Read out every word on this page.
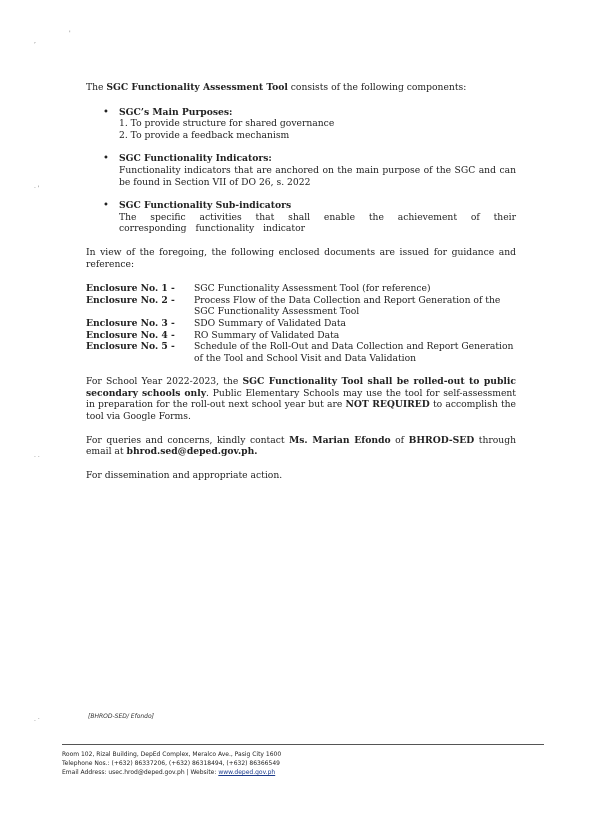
,
'
· '
· ·
. ·

The SGC Functionality Assessment Tool consists of the following components:

• SGC’s Main Purposes:
1. To provide structure for shared governance
2. To provide a feedback mechanism
• SGC Functionality Indicators:

Functionality indicators that are anchored on the main purpose of the SGC and can be found in Section VII of DO 26, s. 2022

• SGC Functionality Sub-indicators

The specific activities that shall enable the achievement of their corresponding functionality indicator

In view of the foregoing, the following enclosed documents are issued for guidance and reference:

Enclosure No. 1 -	SGC Functionality Assessment Tool (for reference)
Enclosure No. 2 -	Process Flow of the Data Collection and Report Generation of the SGC Functionality Assessment Tool
Enclosure No. 3 -	SDO Summary of Validated Data
Enclosure No. 4 -	RO Summary of Validated Data
Enclosure No. 5 -	Schedule of the Roll-Out and Data Collection and Report Generation of the Tool and School Visit and Data Validation

For School Year 2022-2023, the SGC Functionality Tool shall be rolled-out to public secondary schools only. Public Elementary Schools may use the tool for self-assessment in preparation for the roll-out next school year but are NOT REQUIRED to accomplish the tool via Google Forms.

For queries and concerns, kindly contact Ms. Marian Efondo of BHROD-SED through email at bhrod.sed@deped.gov.ph.

For dissemination and appropriate action.

[BHROD-SED/ Efondo]
Room 102, Rizal Building, DepEd Complex, Meralco Ave., Pasig City 1600
Telephone Nos.: (+632) 86337206, (+632) 86318494, (+632) 86366549
Email Address: usec.hrod@deped.gov.ph | Website: www.deped.gov.ph
